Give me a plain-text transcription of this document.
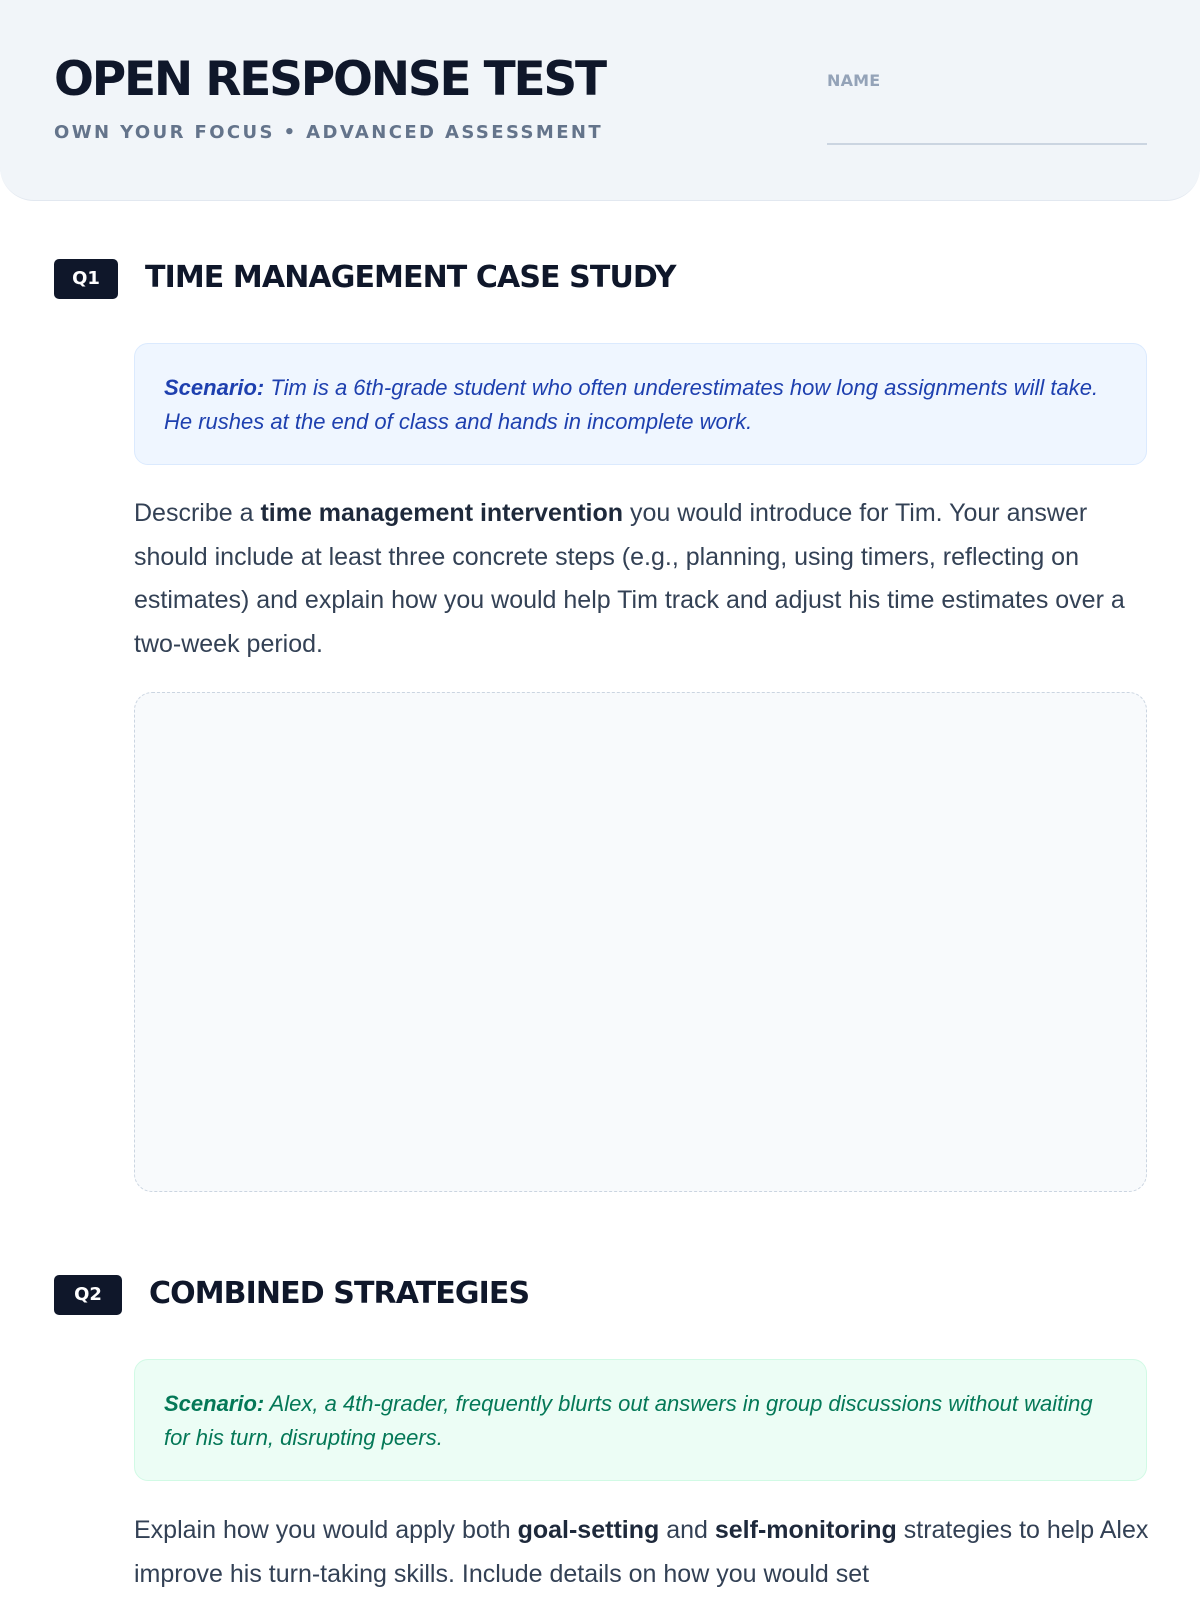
OPEN RESPONSE TEST
OWN YOUR FOCUS • ADVANCED ASSESSMENT
NAME
Q1	TIME MANAGEMENT CASE STUDY
Scenario: Tim is a 6th-grade student who often underestimates how long assignments will take. He rushes at the end of class and hands in incomplete work.
Describe a time management intervention you would introduce for Tim. Your answer should include at least three concrete steps (e.g., planning, using timers, reflecting on estimates) and explain how you would help Tim track and adjust his time estimates over a two-week period.
Q2	COMBINED STRATEGIES
Scenario: Alex, a 4th-grader, frequently blurts out answers in group discussions without waiting for his turn, disrupting peers.
Explain how you would apply both goal-setting and self-monitoring strategies to help Alex improve his turn-taking skills. Include details on how you would set
